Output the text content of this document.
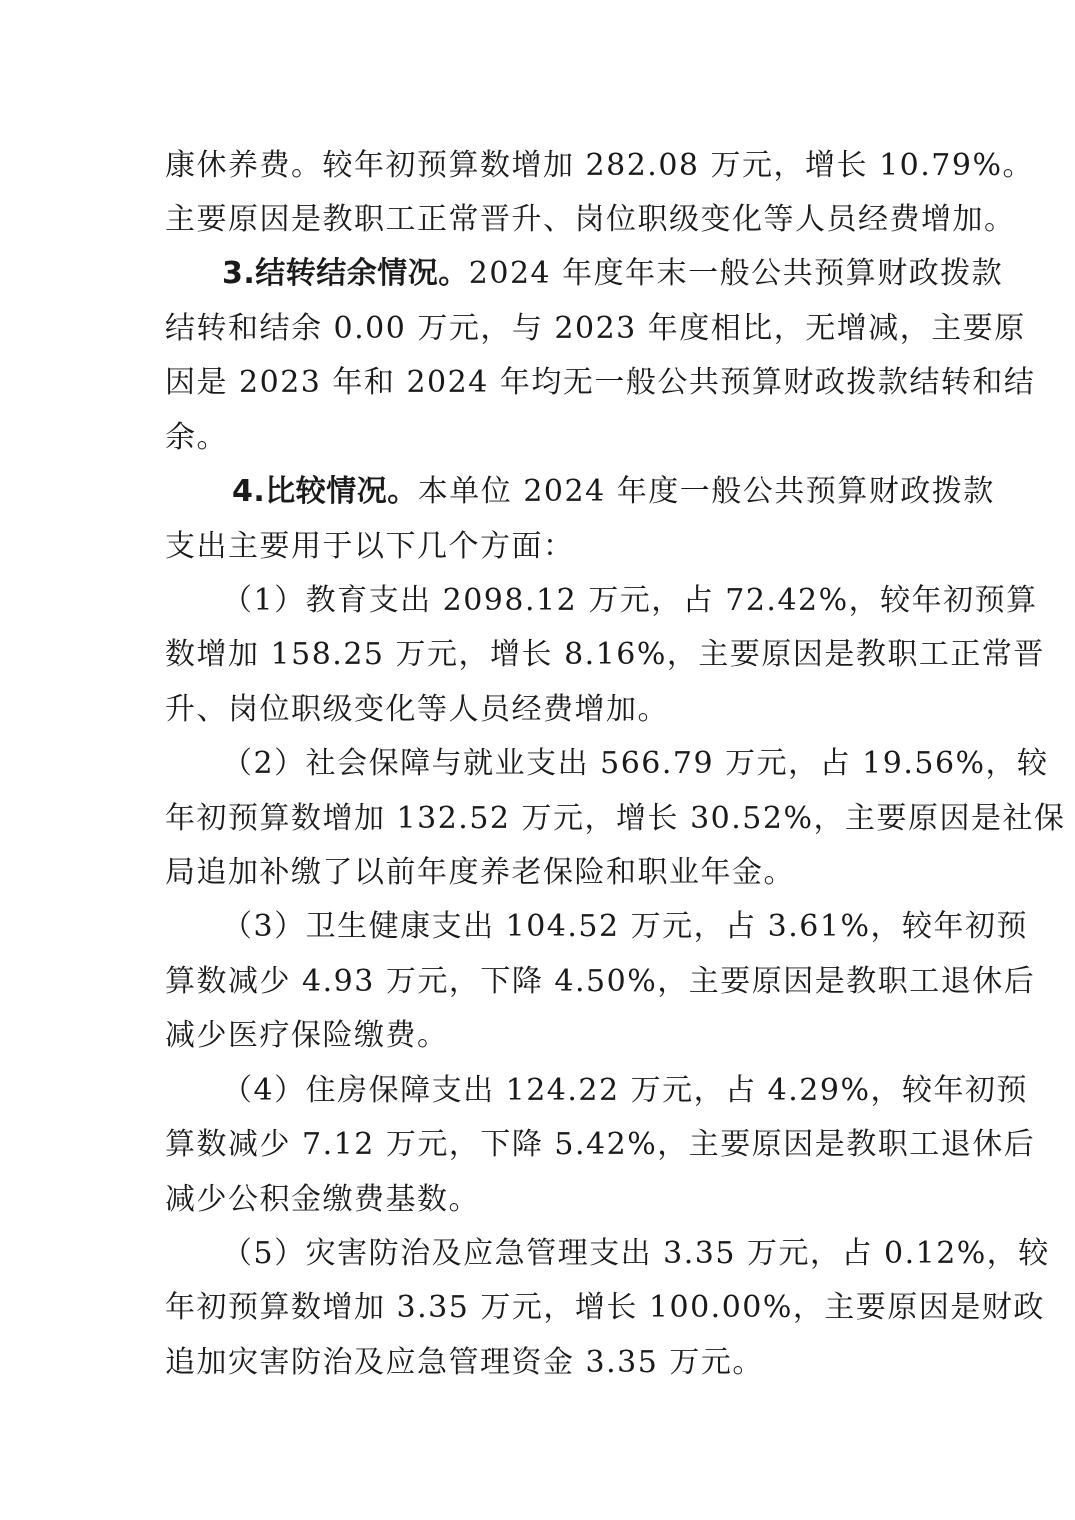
康休养费。较年初预算数增加 282.08 万元，增长 10.79%。
主要原因是教职工正常晋升、岗位职级变化等人员经费增加。
3.结转结余情况。2024 年度年末一般公共预算财政拨款
结转和结余 0.00 万元，与 2023 年度相比，无增减，主要原
因是 2023 年和 2024 年均无一般公共预算财政拨款结转和结
余。
4.比较情况。本单位 2024 年度一般公共预算财政拨款
支出主要用于以下几个方面：
（1）教育支出 2098.12 万元，占 72.42%，较年初预算
数增加 158.25 万元，增长 8.16%，主要原因是教职工正常晋
升、岗位职级变化等人员经费增加。
（2）社会保障与就业支出 566.79 万元，占 19.56%，较
年初预算数增加 132.52 万元，增长 30.52%，主要原因是社保
局追加补缴了以前年度养老保险和职业年金。
（3）卫生健康支出 104.52 万元，占 3.61%，较年初预
算数减少 4.93 万元，下降 4.50%，主要原因是教职工退休后
减少医疗保险缴费。
（4）住房保障支出 124.22 万元，占 4.29%，较年初预
算数减少 7.12 万元，下降 5.42%，主要原因是教职工退休后
减少公积金缴费基数。
（5）灾害防治及应急管理支出 3.35 万元，占 0.12%，较
年初预算数增加 3.35 万元，增长 100.00%，主要原因是财政
追加灾害防治及应急管理资金 3.35 万元。
